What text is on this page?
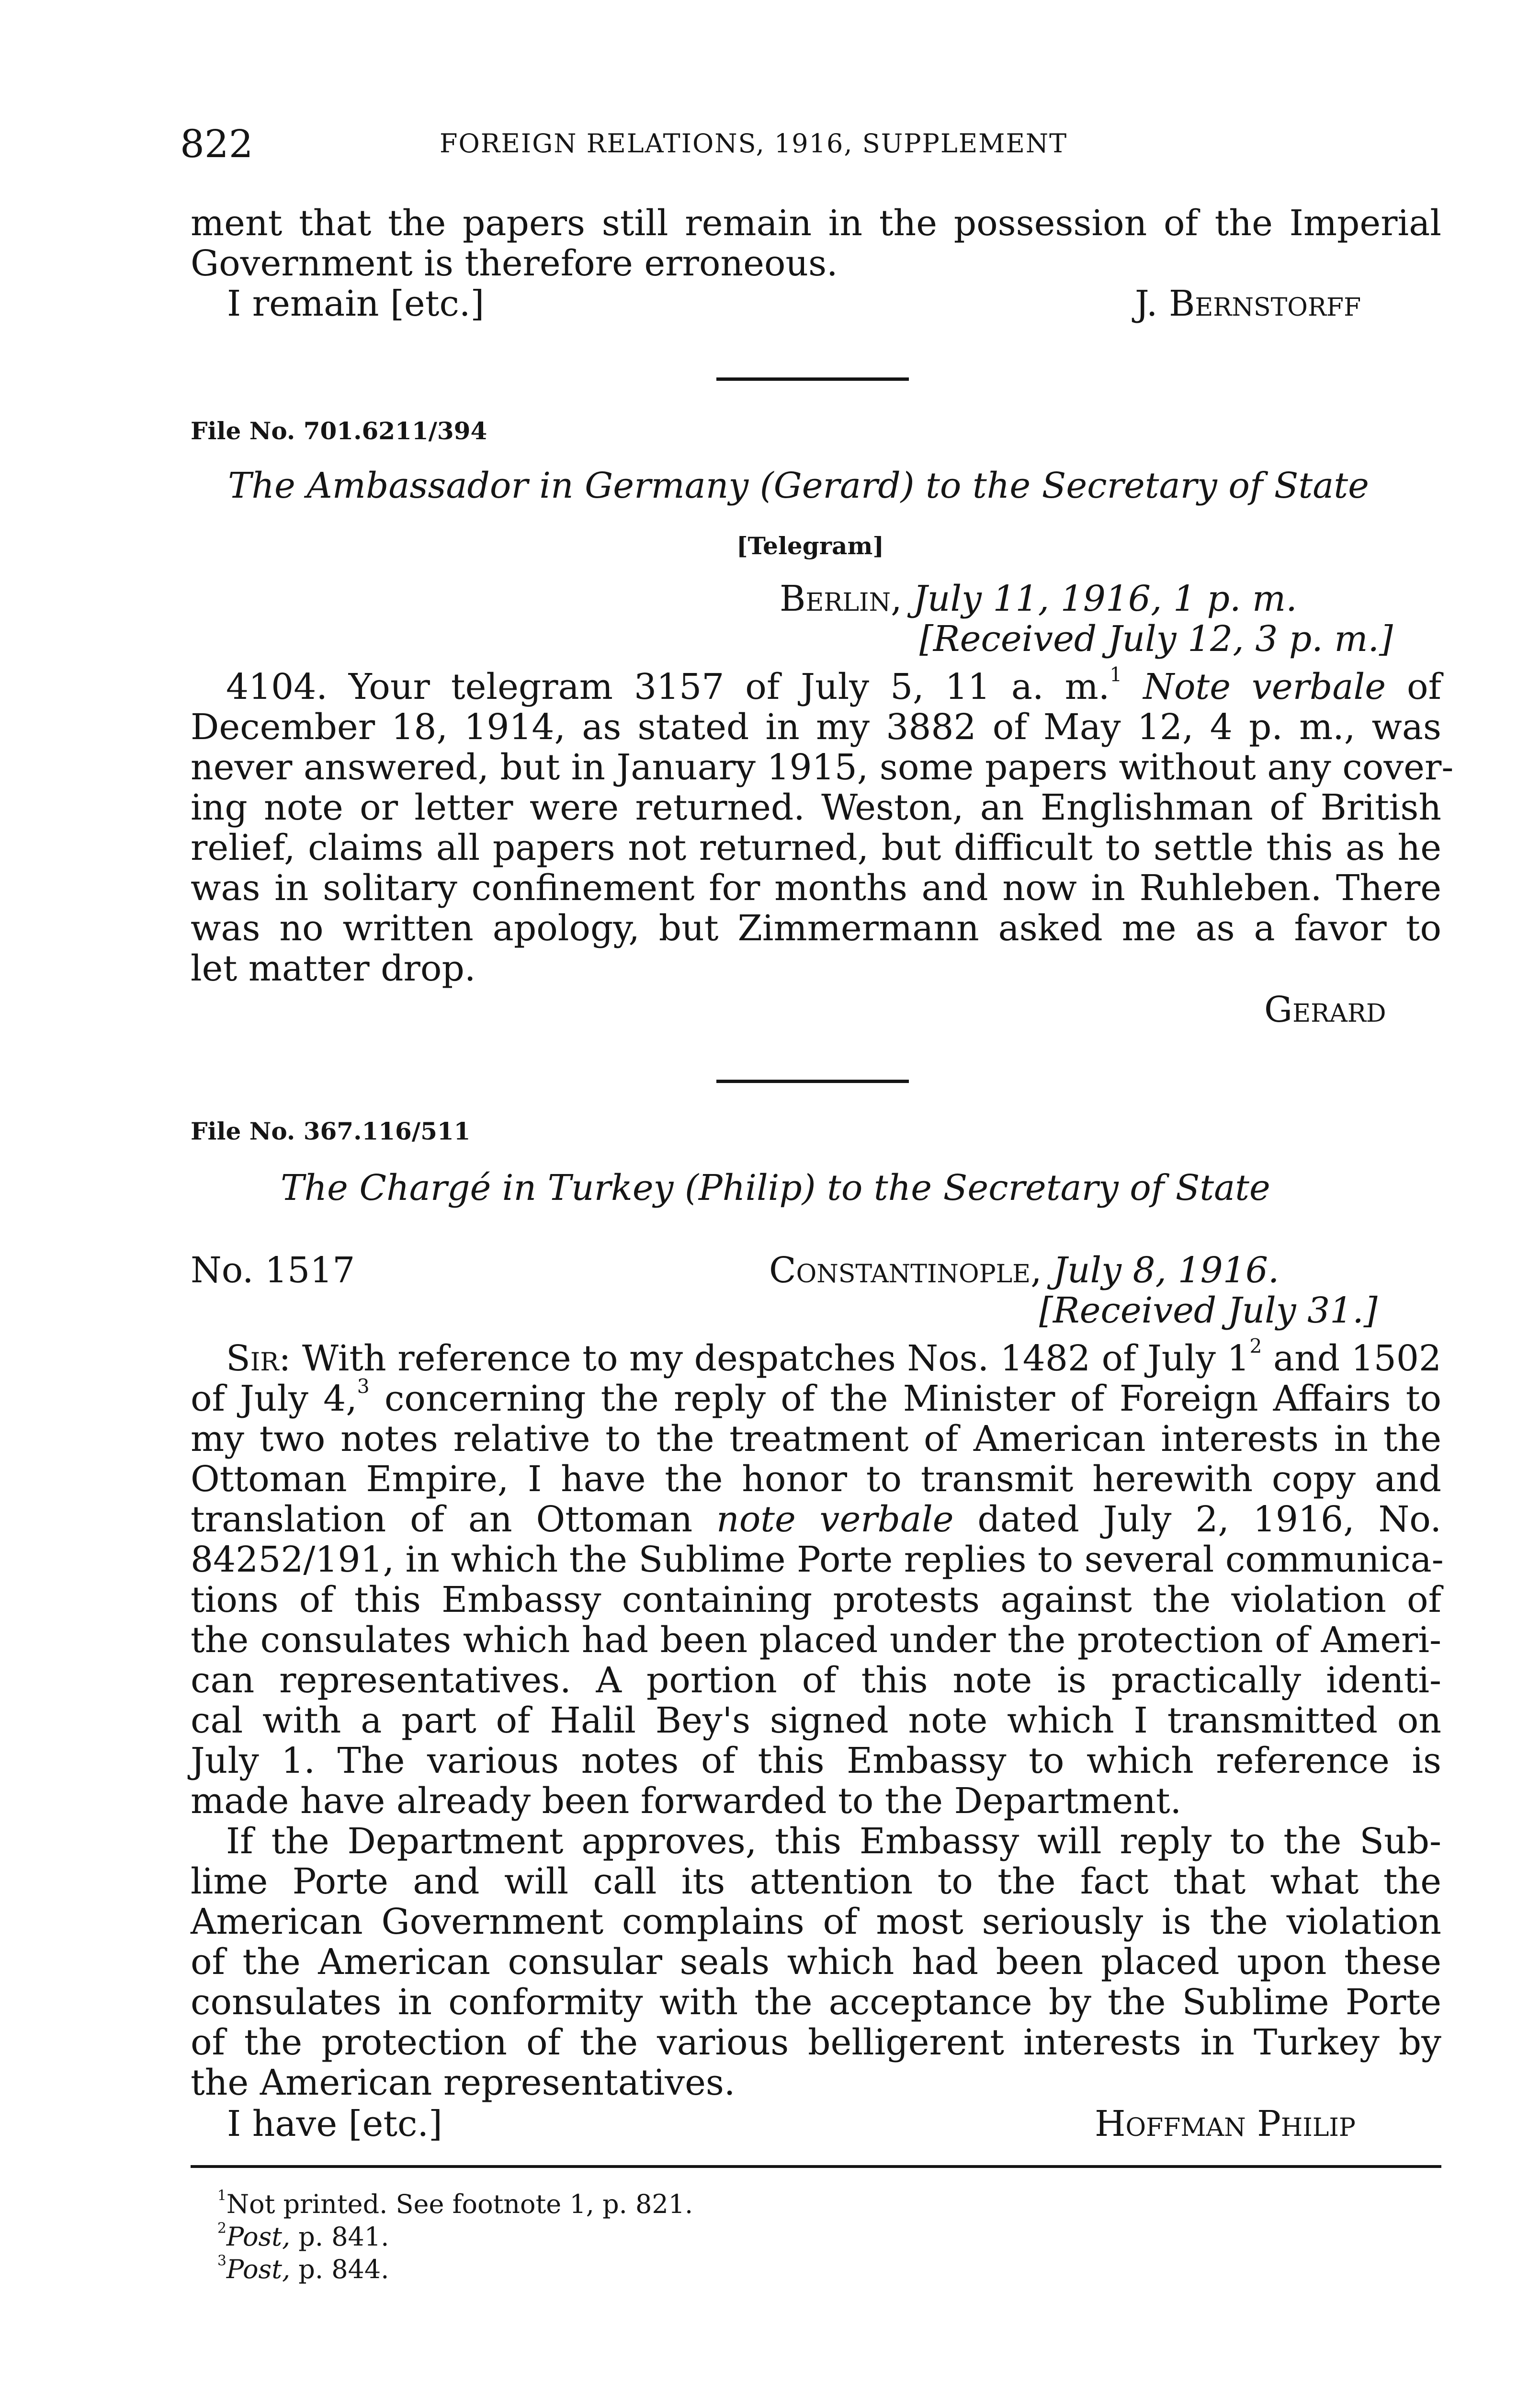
822	FOREIGN RELATIONS, 1916, SUPPLEMENT
ment that the papers still remain in the possession of the Imperial
Government is therefore erroneous.
I remain [etc.]	J. Bernstorff
File No. 701.6211/394
The Ambassador in Germany (Gerard) to the Secretary of State
[Telegram]
Berlin, July 11, 1916, 1 p. m.
[Received July 12, 3 p. m.]
4104. Your telegram 3157 of July 5, 11 a. m.$^1$ Note verbale of
December 18, 1914, as stated in my 3882 of May 12, 4 p. m., was
never answered, but in January 1915, some papers without any cover-
ing note or letter were returned. Weston, an Englishman of British
relief, claims all papers not returned, but difficult to settle this as he
was in solitary confinement for months and now in Ruhleben. There
was no written apology, but Zimmermann asked me as a favor to
let matter drop.
Gerard
File No. 367.116/511
The Chargé in Turkey (Philip) to the Secretary of State
No. 1517	Constantinople, July 8, 1916.
[Received July 31.]
Sir: With reference to my despatches Nos. 1482 of July $1^2$ and 1502
of July 4,$^3$ concerning the reply of the Minister of Foreign Affairs to
my two notes relative to the treatment of American interests in the
Ottoman Empire, I have the honor to transmit herewith copy and
translation of an Ottoman note verbale dated July 2, 1916, No.
84252/191, in which the Sublime Porte replies to several communica-
tions of this Embassy containing protests against the violation of
the consulates which had been placed under the protection of Ameri-
can representatives. A portion of this note is practically identi-
cal with a part of Halil Bey's signed note which I transmitted on
July 1. The various notes of this Embassy to which reference is
made have already been forwarded to the Department.
If the Department approves, this Embassy will reply to the Sub-
lime Porte and will call its attention to the fact that what the
American Government complains of most seriously is the violation
of the American consular seals which had been placed upon these
consulates in conformity with the acceptance by the Sublime Porte
of the protection of the various belligerent interests in Turkey by
the American representatives.
I have [etc.]	Hoffman Philip
$^1$Not printed. See footnote 1, p. 821.
$^2$Post, p. 841.
$^3$Post, p. 844.
